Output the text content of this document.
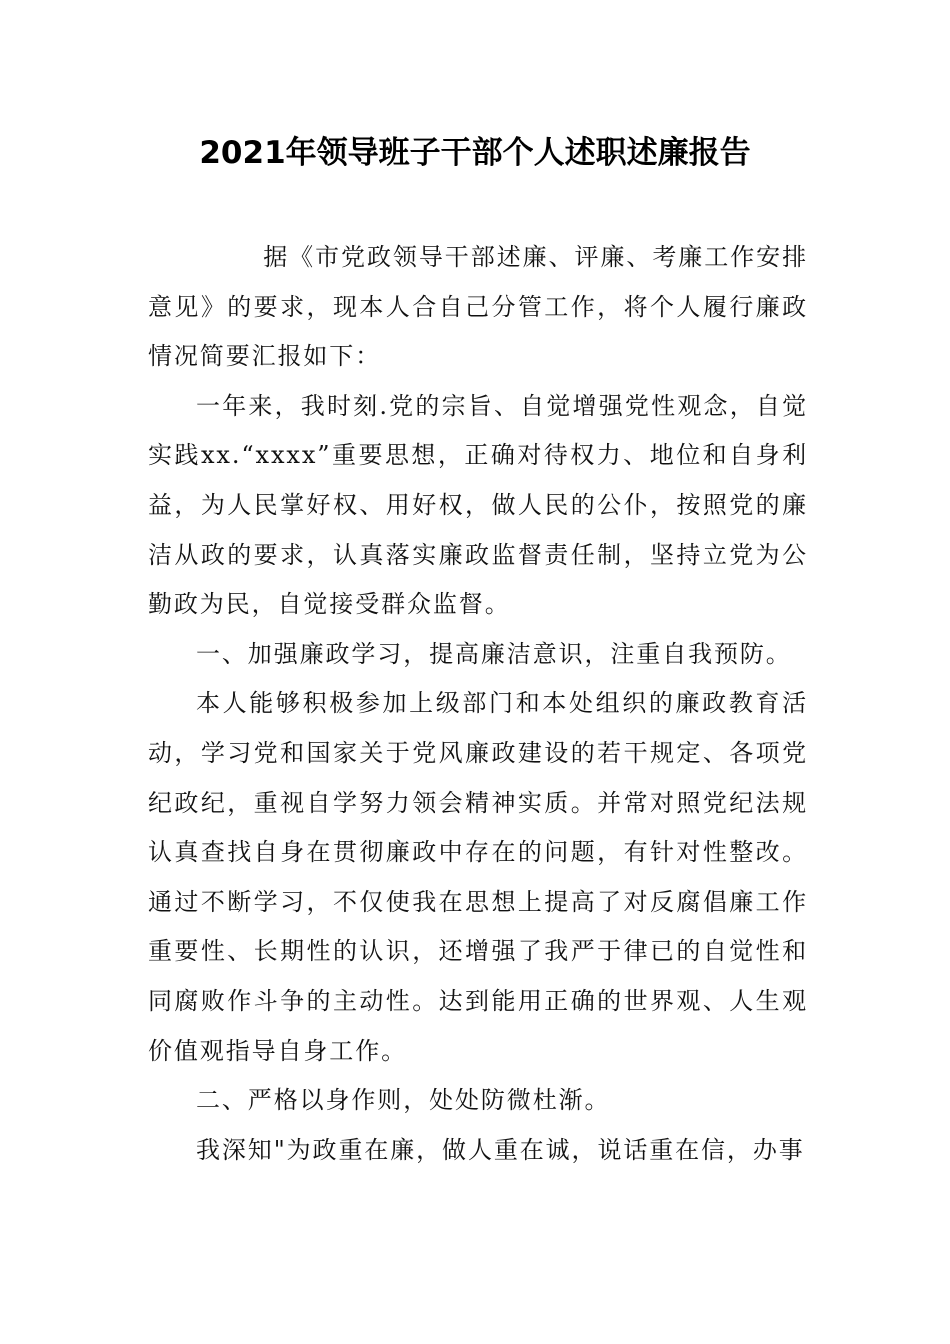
2021年领导班子干部个人述职述廉报告

据《市党政领导干部述廉、评廉、考廉工作安排意见》的要求，现本人合自己分管工作，将个人履行廉政情况简要汇报如下：

一年来，我时刻.党的宗旨、自觉增强党性观念，自觉实践xx.“xxxx”重要思想，正确对待权力、地位和自身利益，为人民掌好权、用好权，做人民的公仆，按照党的廉洁从政的要求，认真落实廉政监督责任制，坚持立党为公勤政为民，自觉接受群众监督。

一、加强廉政学习，提高廉洁意识，注重自我预防。

本人能够积极参加上级部门和本处组织的廉政教育活动，学习党和国家关于党风廉政建设的若干规定、各项党纪政纪，重视自学努力领会精神实质。并常对照党纪法规认真查找自身在贯彻廉政中存在的问题，有针对性整改。通过不断学习，不仅使我在思想上提高了对反腐倡廉工作重要性、长期性的认识，还增强了我严于律已的自觉性和同腐败作斗争的主动性。达到能用正确的世界观、人生观价值观指导自身工作。

二、严格以身作则，处处防微杜渐。

我深知"为政重在廉，做人重在诚，说话重在信，办事
